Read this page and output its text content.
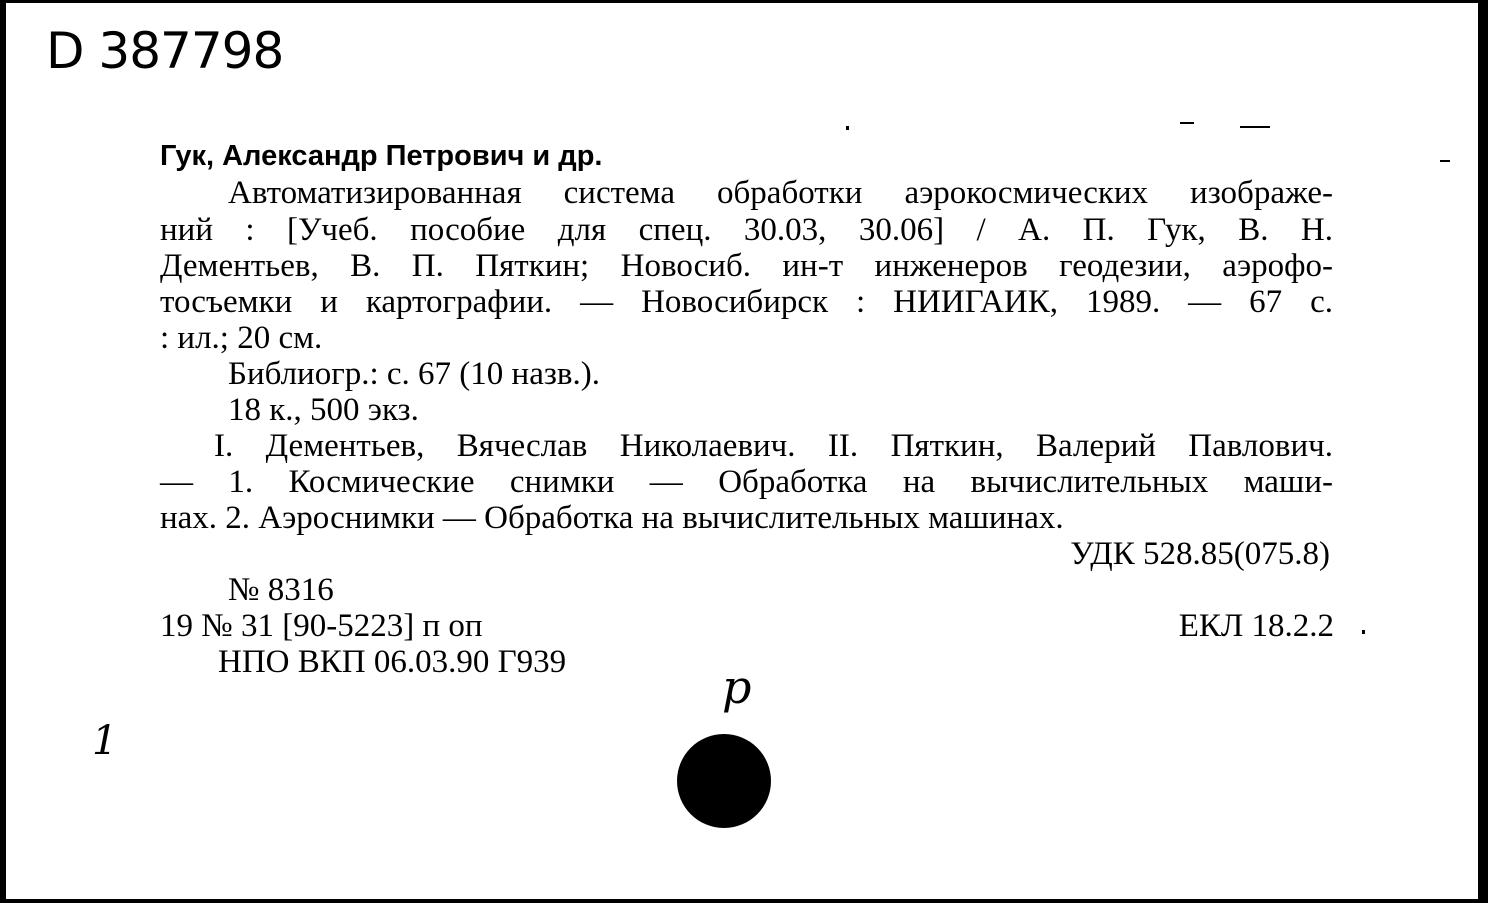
D 387798
Гук, Александр Петрович и др.
Автоматизированная система обработки аэрокосмических изображе-
ний : [Учеб. пособие для спец. 30.03, 30.06] / А. П. Гук, В. Н.
Дементьев, В. П. Пяткин; Новосиб. ин-т инженеров геодезии, аэрофо-
тосъемки и картографии. — Новосибирск : НИИГАИК, 1989. — 67 с.
: ил.; 20 см.
Библиогр.: с. 67 (10 назв.).
18 к., 500 экз.
I. Дементьев, Вячеслав Николаевич. II. Пяткин, Валерий Павлович.
— 1. Космические снимки — Обработка на вычислительных маши-
нах. 2. Аэроснимки — Обработка на вычислительных машинах.
УДК 528.85(075.8)
№ 8316
19 № 31 [90-5223] п оп	ЕКЛ 18.2.2
НПО ВКП 06.03.90 Г939	р
1
